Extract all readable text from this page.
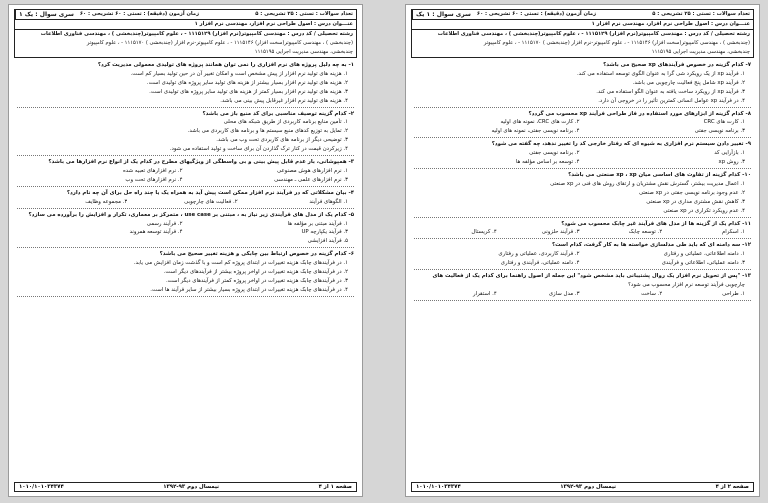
تعداد سوالات : تستی : ۲۵ تشریحی : ۵
زمان آزمون (دقیقه) : تستی : ۶۰ تشریحی : ۶۰
سری سوال : یک ۱
عنـــوان درس : اصول طراحی نرم افزار، مهندسی نرم افزار ۱
رشته تحصیلی / کد درس : مهندسی کامپیوتر(نرم افزار) ۱۱۱۵۱۲۹ - ، علوم کامپیوتر(چندبخشی ) ، مهندسی فناوری اطلاعات
(چندبخشی ) ، مهندسی کامپیوتر(سخت افزار) ۱۱۱۵۱۴۶ - ، علوم کامپیوتر-نرم افزار (چندبخشی ) ۱۱۱۵۱۷۰ - ، علوم کامپیوتر
چندبخشی، مهندسی مدیریت اجرایی ۱۱۱۵۱۹۵
۱- به چه دلیل پروژه های نرم افزاری را نمی توان همانند پروژه های تولیدی معمولی مدیریت کرد؟
۱. هزینه های تولید نرم افزار از پیش مشخص است و امکان تغییر آن در حین تولید بسیار کم است.
۲. هزینه های تولید نرم افزار بسیار بیشتر از هزینه های تولید سایر پروژه های تولیدی است.
۳. هزینه های تولید نرم افزار بسیار کمتر از هزینه های تولید سایر پروژه های تولیدی است.
۴. هزینه های تولید نرم افزار غیرقابل پیش بینی می باشد.
۲- کدام گزینه توصیف مناسبی برای کد منبع باز می باشد؟
۱. تأمین منابع برنامه کاربردی از طریق شبکه های محلی
۲. تمایل به توزیع کدهای منبع سیستم ها و برنامه های کاربردی می باشد.
۳. توضیحی دیگر از برنامه های کاربردی تحت وب می باشد.
۴. زیرکردن قیمت در کنار ترک گذاردن آن برای ساخت و تولید استفاده می شود.
۳- همپوشانی، بار عدم قابل پیش بینی و بی واسطگی از ویژگیهای مطرح در کدام یک از انواع نرم افزارها می باشد؟
۱. نرم افزارهای هوش مصنوعی
۲. نرم افزارهای تعبیه شده
۳. نرم افزارهای علمی ـ مهندسی
۴. نرم افزارهای تحت وب
۴- بیان مشکلاتی که در فرآیند نرم افزار ممکن است پیش آید به همراه یک یا چند راه حل برای آن چه نام دارد؟
۱. الگوهای فرآیند
۲. فعالیت های چارچوبی
۳. مجموعه وظایف
۵- کدام یک از مدل های فرآیندی زیر نیاز به ، مبتنی بر use case ، متمرکز بر معماری، تکرار و افزایش را برآورده می سازد؟
۱. فرآیند مبتنی بر مؤلفه ها
۲. فرآیند رسمی
۳. فرآیند یکپارچه UP
۴. فرآیند توسعه همروند
۵. فرآیند افزایشی
۶- کدام گزینه در خصوص ارتباط بین چابکی و هزینه تغییر صحیح می باشد؟
۱. در فرآیندهای چابک هزینه تغییرات در ابتدای پروژه کم است و با گذشت زمان افزایش می یابد.
۲. در فرآیندهای چابک هزینه تغییرات در اواخر پروژه بیشتر از فرآیندهای دیگر است.
۳. در فرآیندهای چابک هزینه تغییرات در اواخر پروژه کمتر از فرآیندهای دیگر است.
۴. در فرآیندهای چابک هزینه تغییرات در ابتدای پروژه بسیار بیشتر از سایر فرآیند ها است.
۱۰۱۰/۱۰۱۰۳۴۳۷۴	نیمسال دوم ۹۳-۱۳۹۲	صفحه ۱ از ۴
تعداد سوالات : تستی : ۲۵ تشریحی : ۵
زمان آزمون (دقیقه) : تستی : ۶۰ تشریحی : ۶۰
سری سوال : ۱ یک
عنـــوان درس : اصول طراحی نرم افزار، مهندسی نرم افزار ۱
رشته تحصیلی / کد درس : مهندسی کامپیوتر(نرم افزار) ۱۱۱۵۱۲۹ - ، علوم کامپیوتر(چندبخشی ) ، مهندسی فناوری اطلاعات
(چندبخشی ) ، مهندسی کامپیوتر(سخت افزار) ۱۱۱۵۱۴۶ - ، علوم کامپیوتر-نرم افزار (چندبخشی ) ۱۱۱۵۱۷۰ - ، علوم کامپیوتر
چندبخشی، مهندسی مدیریت اجرایی ۱۱۱۵۱۹۵
۷- کدام گزینه در خصوص فرآیندهای xp صحیح می باشد؟
۱. فرآیند xp از یک رویکرد شی گرا به عنوان الگوی توسعه استفاده می کند.
۲. فرآیند xp شامل پنج فعالیت چارچوبی می باشد.
۳. فرآیند xp از رویکرد ساخت یافته به عنوان الگو استفاده می کند.
۴. در فرآیند xp عوامل انسانی کمترین تأثیر را در خروجی آن دارد.
۸- کدام گزینه از ابزارهای مورد استفاده در فاز طراحی فرآیند xp محسوب می گردد؟
۱. کارت های CRC
۲. کارت های CRC، نمونه های اولیه
۳. برنامه نویسی جفتی
۴. برنامه نویسی جفتی، نمونه های اولیه
۹- تغییر دادن سیستم نرم افزاری به شیوه ای که رفتار خارجی کد را تغییر ندهد، چه گفته می شود؟
۱. بازآرایی کد
۲. برنامه نویسی جفتی
۳. روش xp
۴. توسعه بر اساس مؤلفه ها
۱۰- کدام گزینه از تفاوت های اساسی میان xp ، xp صنعتی می باشد؟
۱. اعمال مدیریت بیشتر، گسترش نقش مشتریان و ارتقای روش های فنی در xp صنعتی
۲. عدم وجود برنامه نویسی جفتی در xp صنعتی
۳. کاهش نقش مشتری مداری در xp صنعتی
۴. عدم رویکرد تکراری در xp صنعتی
۱۱- کدام یک از گزینه ها از مدل های فرآیند غیر چابک محسوب می شود؟
۱. اسکرام
۲. توسعه چابک
۳. فرآیند حلزونی
۴. کریستال
۱۲- سه دامنه ای که باید طی مدلسازی خواسته ها به کار گرفت، کدام است؟
۱. دامنه اطلاعاتی، عملیاتی و رفتاری
۲. فرآیند کاربردی، عملیاتی و رفتاری
۳. دامنه عملیاتی، اطلاعاتی و فرآیندی
۴. دامنه عملیاتی، فرآیندی و رفتاری
۱۳- "پس از تحویل نرم افزار یک روال پشتیبانی باید مشخص شود" این جمله از اصول راهنما برای کدام یک از فعالیت های
چارچوبی فرآیند توسعه نرم افزار محسوب می شود؟
۱. طراحی
۲. ساخت
۳. مدل سازی
۴. استقرار
۱۰۱۰/۱۰۱۰۳۴۳۷۴	نیمسال دوم ۹۳-۱۳۹۲	صفحه ۲ از ۴
